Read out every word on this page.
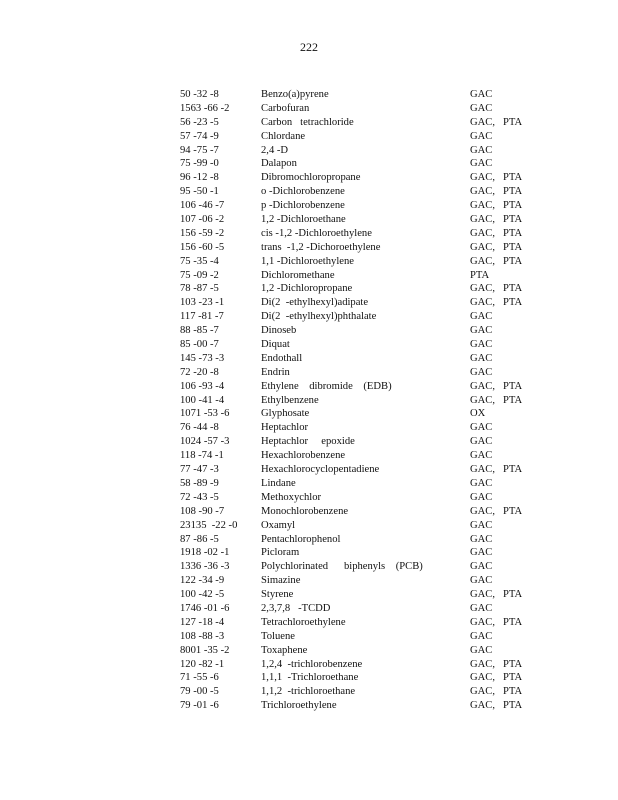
222
50 -32 -8	Benzo(a)pyrene	GAC
1563 -66 -2	Carbofuran	GAC
56 -23 -5	Carbon   tetrachloride	GAC,   PTA
57 -74 -9	Chlordane	GAC
94 -75 -7	2,4 -D	GAC
75 -99 -0	Dalapon	GAC
96 -12 -8	Dibromochloropropane	GAC,   PTA
95 -50 -1	o -Dichlorobenzene	GAC,   PTA
106 -46 -7	p -Dichlorobenzene	GAC,   PTA
107 -06 -2	1,2 -Dichloroethane	GAC,   PTA
156 -59 -2	cis -1,2 -Dichloroethylene	GAC,   PTA
156 -60 -5	trans  -1,2 -Dichoroethylene	GAC,   PTA
75 -35 -4	1,1 -Dichloroethylene	GAC,   PTA
75 -09 -2	Dichloromethane	PTA
78 -87 -5	1,2 -Dichloropropane	GAC,   PTA
103 -23 -1	Di(2  -ethylhexyl)adipate	GAC,   PTA
117 -81 -7	Di(2  -ethylhexyl)phthalate	GAC
88 -85 -7	Dinoseb	GAC
85 -00 -7	Diquat	GAC
145 -73 -3	Endothall	GAC
72 -20 -8	Endrin	GAC
106 -93 -4	Ethylene    dibromide    (EDB)	GAC,   PTA
100 -41 -4	Ethylbenzene	GAC,   PTA
1071 -53 -6	Glyphosate	OX
76 -44 -8	Heptachlor	GAC
1024 -57 -3	Heptachlor     epoxide	GAC
118 -74 -1	Hexachlorobenzene	GAC
77 -47 -3	Hexachlorocyclopentadiene	GAC,   PTA
58 -89 -9	Lindane	GAC
72 -43 -5	Methoxychlor	GAC
108 -90 -7	Monochlorobenzene	GAC,   PTA
23135  -22 -0	Oxamyl	GAC
87 -86 -5	Pentachlorophenol	GAC
1918 -02 -1	Picloram	GAC
1336 -36 -3	Polychlorinated      biphenyls    (PCB)	GAC
122 -34 -9	Simazine	GAC
100 -42 -5	Styrene	GAC,   PTA
1746 -01 -6	2,3,7,8   -TCDD	GAC
127 -18 -4	Tetrachloroethylene	GAC,   PTA
108 -88 -3	Toluene	GAC
8001 -35 -2	Toxaphene	GAC
120 -82 -1	1,2,4  -trichlorobenzene	GAC,   PTA
71 -55 -6	1,1,1  -Trichloroethane	GAC,   PTA
79 -00 -5	1,1,2  -trichloroethane	GAC,   PTA
79 -01 -6	Trichloroethylene	GAC,   PTA
